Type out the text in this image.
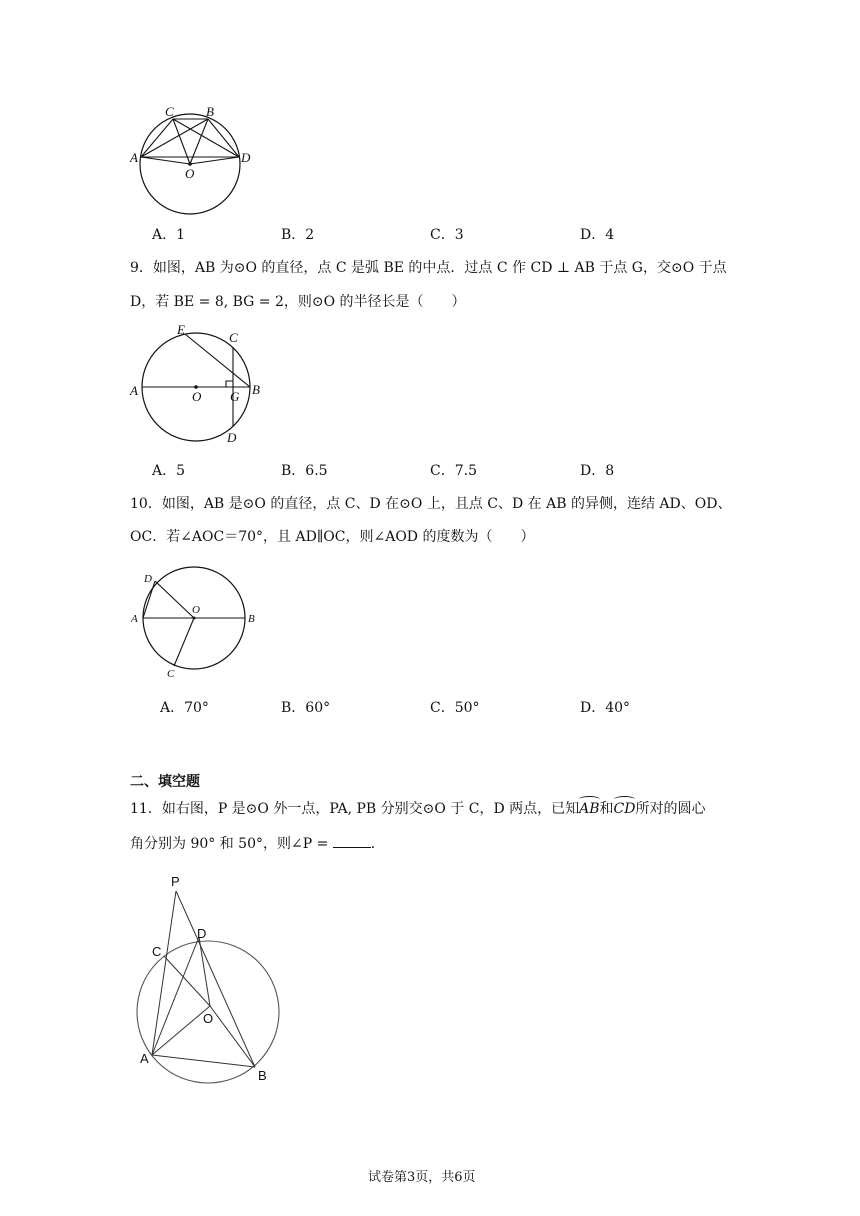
C B
A	D
O
A．1	B．2	C．3	D．4
9．如图，AB 为⊙O 的直径，点 C 是弧 BE 的中点．过点 C 作 CD ⊥ AB 于点 G，交⊙O 于点
D，若 BE = 8, BG = 2，则⊙O 的半径长是（　　）
E
C
A	O G B
D
A．5	B．6.5	C．7.5	D．8
10．如图，AB 是⊙O 的直径，点 C、D 在⊙O 上，且点 C、D 在 AB 的异侧，连结 AD、OD、
OC．若∠AOC＝70°，且 AD∥OC，则∠AOD 的度数为（　　）
D
O
A	B
C
A．70°	B．60°	C．50°	D．40°
二、填空题
11．如右图，P 是⊙O 外一点，PA, PB 分别交⊙O 于 C，D 两点，已知AB和CD所对的圆心
角分别为 90° 和 50°，则∠P =	．
P
D
C
O
A
B
试卷第3页，共6页
